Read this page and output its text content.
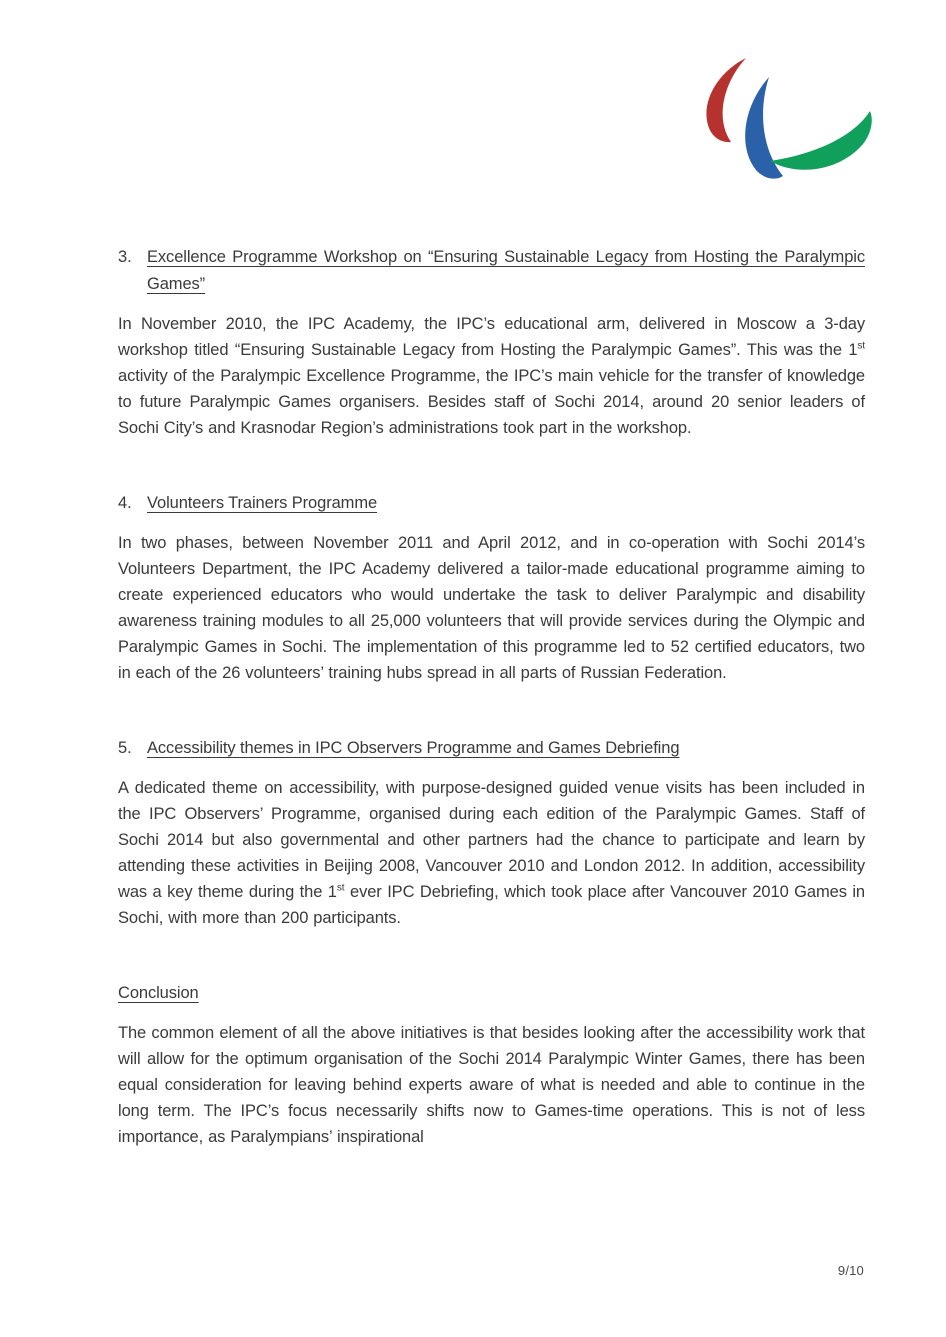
3. Excellence Programme Workshop on “Ensuring Sustainable Legacy from Hosting the Paralympic Games”

In November 2010, the IPC Academy, the IPC’s educational arm, delivered in Moscow a 3-day workshop titled “Ensuring Sustainable Legacy from Hosting the Paralympic Games”. This was the 1st activity of the Paralympic Excellence Programme, the IPC’s main vehicle for the transfer of knowledge to future Paralympic Games organisers. Besides staff of Sochi 2014, around 20 senior leaders of Sochi City’s and Krasnodar Region’s administrations took part in the workshop.

4. Volunteers Trainers Programme

In two phases, between November 2011 and April 2012, and in co-operation with Sochi 2014’s Volunteers Department, the IPC Academy delivered a tailor-made educational programme aiming to create experienced educators who would undertake the task to deliver Paralympic and disability awareness training modules to all 25,000 volunteers that will provide services during the Olympic and Paralympic Games in Sochi. The implementation of this programme led to 52 certified educators, two in each of the 26 volunteers’ training hubs spread in all parts of Russian Federation.

5. Accessibility themes in IPC Observers Programme and Games Debriefing

A dedicated theme on accessibility, with purpose-designed guided venue visits has been included in the IPC Observers’ Programme, organised during each edition of the Paralympic Games. Staff of Sochi 2014 but also governmental and other partners had the chance to participate and learn by attending these activities in Beijing 2008, Vancouver 2010 and London 2012. In addition, accessibility was a key theme during the 1st ever IPC Debriefing, which took place after Vancouver 2010 Games in Sochi, with more than 200 participants.

Conclusion

The common element of all the above initiatives is that besides looking after the accessibility work that will allow for the optimum organisation of the Sochi 2014 Paralympic Winter Games, there has been equal consideration for leaving behind experts aware of what is needed and able to continue in the long term. The IPC’s focus necessarily shifts now to Games-time operations. This is not of less importance, as Paralympians’ inspirational

9/10
